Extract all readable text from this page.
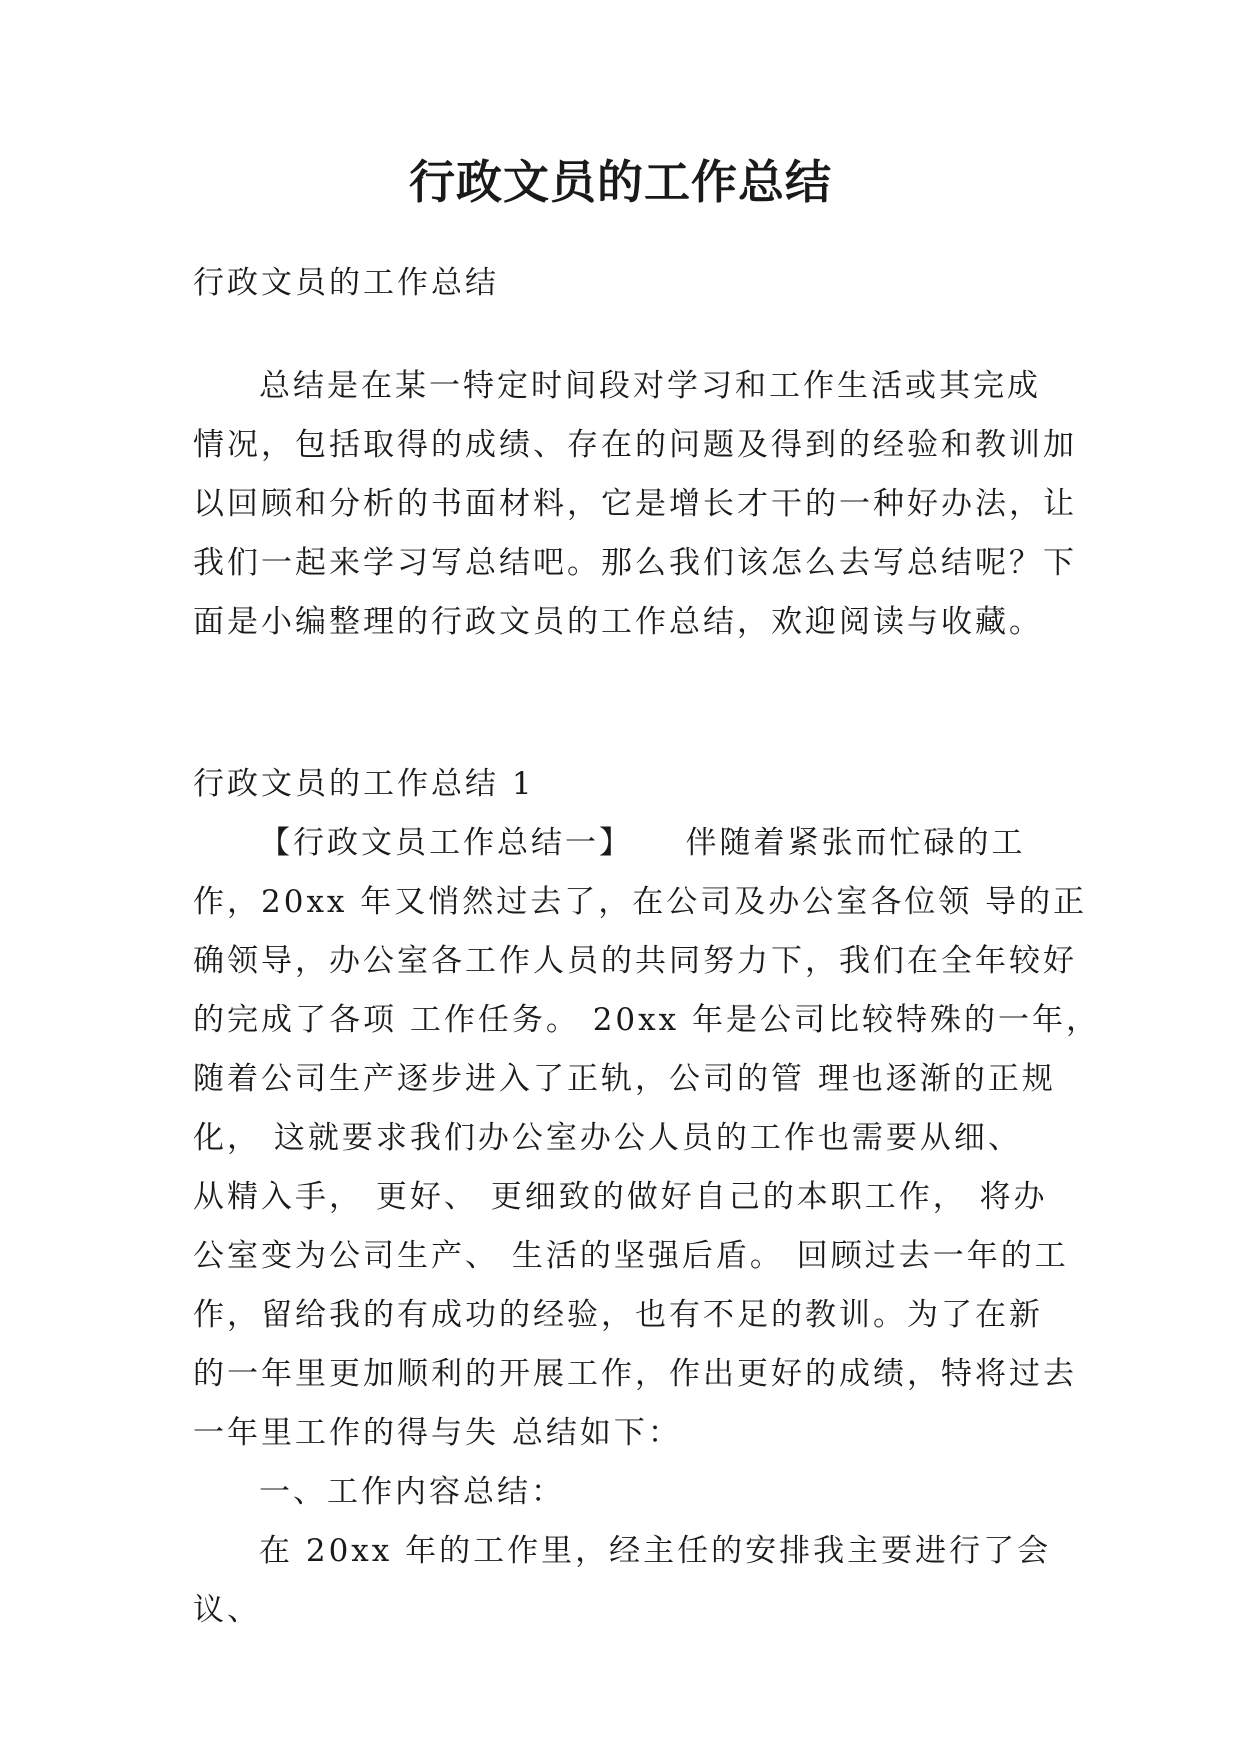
行政文员的工作总结

行政文员的工作总结

总结是在某一特定时间段对学习和工作生活或其完成
情况，包括取得的成绩、存在的问题及得到的经验和教训加
以回顾和分析的书面材料，它是增长才干的一种好办法，让
我们一起来学习写总结吧。那么我们该怎么去写总结呢？下
面是小编整理的行政文员的工作总结，欢迎阅读与收藏。

行政文员的工作总结 1

【行政文员工作总结一】　　伴随着紧张而忙碌的工
作，20xx 年又悄然过去了，在公司及办公室各位领 导的正
确领导，办公室各工作人员的共同努力下，我们在全年较好
的完成了各项 工作任务。 20xx 年是公司比较特殊的一年，
随着公司生产逐步进入了正轨，公司的管 理也逐渐的正规
化， 这就要求我们办公室办公人员的工作也需要从细、
从精入手， 更好、 更细致的做好自己的本职工作， 将办
公室变为公司生产、 生活的坚强后盾。 回顾过去一年的工
作，留给我的有成功的经验，也有不足的教训。为了在新
的一年里更加顺利的开展工作，作出更好的成绩，特将过去
一年里工作的得与失 总结如下：

一、工作内容总结：

在 20xx 年的工作里，经主任的安排我主要进行了会议、
